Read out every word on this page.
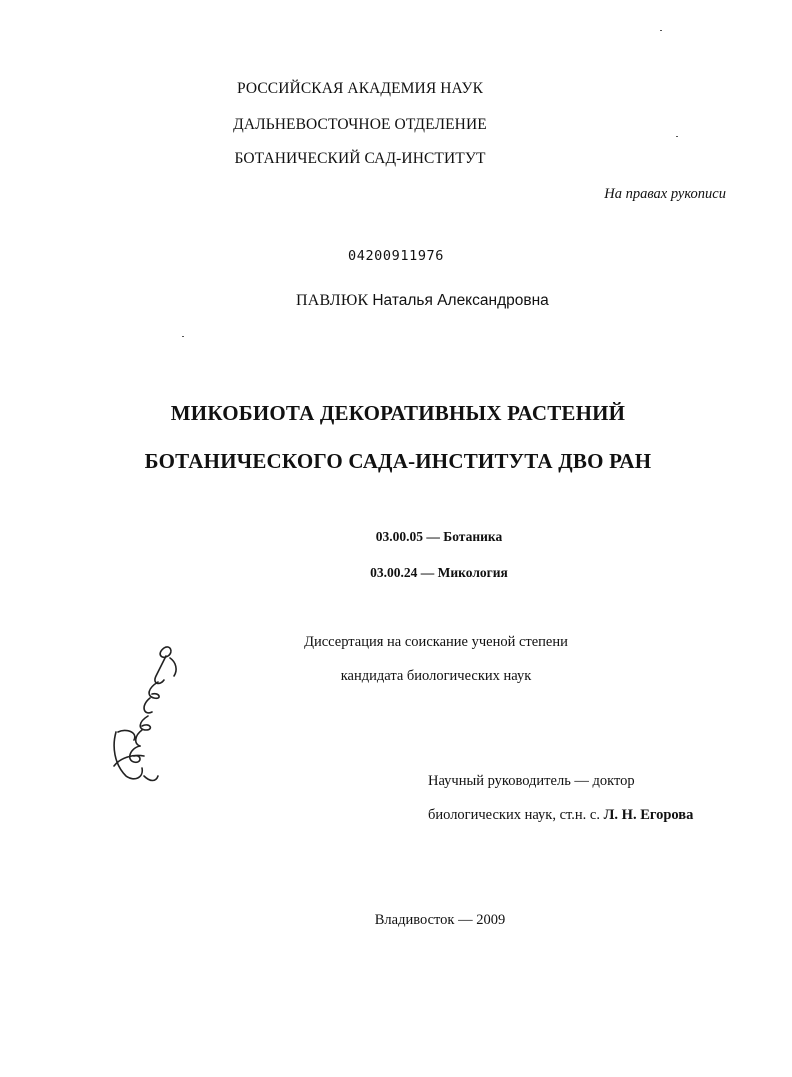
РОССИЙСКАЯ АКАДЕМИЯ НАУК
ДАЛЬНЕВОСТОЧНОЕ ОТДЕЛЕНИЕ
БОТАНИЧЕСКИЙ САД-ИНСТИТУТ
На правах рукописи
04200911976
ПАВЛЮК Наталья Александровна
МИКОБИОТА ДЕКОРАТИВНЫХ РАСТЕНИЙ
БОТАНИЧЕСКОГО САДА-ИНСТИТУТА ДВО РАН
03.00.05 — Ботаника
03.00.24 — Микология
Диссертация на соискание ученой степени
кандидата биологических наук
Научный руководитель — доктор
биологических наук, ст.н. с. Л. Н. Егорова
Владивосток — 2009
